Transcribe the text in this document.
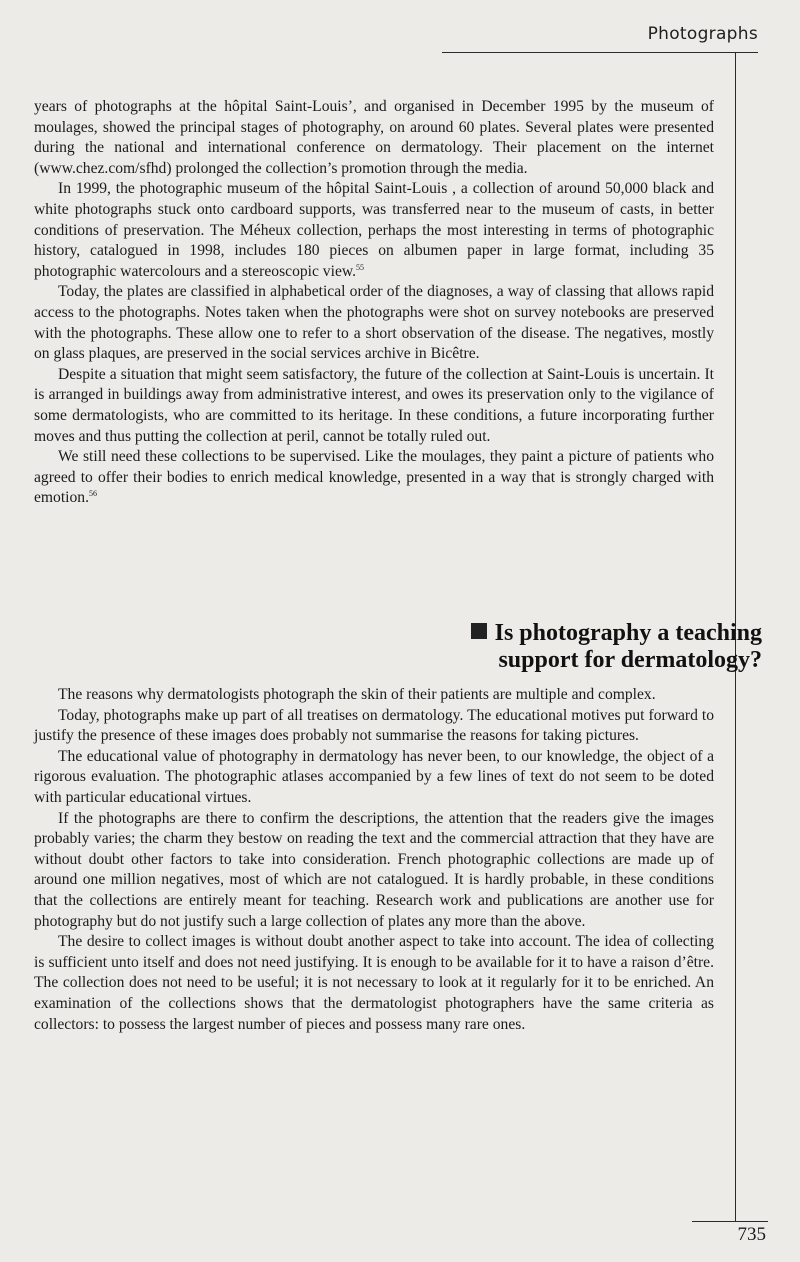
Photographs

years of photographs at the hôpital Saint-Louis’, and organised in December 1995 by the museum of moulages, showed the principal stages of photography, on around 60 plates. Several plates were presented during the national and international conference on dermatology. Their placement on the internet (www.chez.com/sfhd) prolonged the collection’s promotion through the media.

In 1999, the photographic museum of the hôpital Saint-Louis , a collection of around 50,000 black and white photographs stuck onto cardboard supports, was transferred near to the museum of casts, in better conditions of preservation. The Méheux collection, perhaps the most interesting in terms of photographic history, catalogued in 1998, includes 180 pieces on albumen paper in large format, including 35 photographic watercolours and a stereoscopic view.$^{55}$

Today, the plates are classified in alphabetical order of the diagnoses, a way of classing that allows rapid access to the photographs. Notes taken when the photographs were shot on survey notebooks are preserved with the photographs. These allow one to refer to a short observation of the disease. The negatives, mostly on glass plaques, are preserved in the social services archive in Bicêtre.

Despite a situation that might seem satisfactory, the future of the collection at Saint-Louis is uncertain. It is arranged in buildings away from administrative interest, and owes its preservation only to the vigilance of some dermatologists, who are committed to its heritage. In these conditions, a future incorporating further moves and thus putting the collection at peril, cannot be totally ruled out.

We still need these collections to be supervised. Like the moulages, they paint a picture of patients who agreed to offer their bodies to enrich medical knowledge, presented in a way that is strongly charged with emotion.$^{56}$

Is photography a teaching
support for dermatology?

The reasons why dermatologists photograph the skin of their patients are multiple and complex.

Today, photographs make up part of all treatises on dermatology. The educational motives put forward to justify the presence of these images does probably not summarise the reasons for taking pictures.

The educational value of photography in dermatology has never been, to our knowledge, the object of a rigorous evaluation. The photographic atlases accompanied by a few lines of text do not seem to be doted with particular educational virtues.

If the photographs are there to confirm the descriptions, the attention that the readers give the images probably varies; the charm they bestow on reading the text and the commercial attraction that they have are without doubt other factors to take into consideration. French photographic collections are made up of around one million negatives, most of which are not catalogued. It is hardly probable, in these conditions that the collections are entirely meant for teaching. Research work and publications are another use for photography but do not justify such a large collection of plates any more than the above.

The desire to collect images is without doubt another aspect to take into account. The idea of collecting is sufficient unto itself and does not need justifying. It is enough to be available for it to have a raison d’être. The collection does not need to be useful; it is not necessary to look at it regularly for it to be enriched. An examination of the collections shows that the dermatologist photographers have the same criteria as collectors: to possess the largest number of pieces and possess many rare ones.

735
